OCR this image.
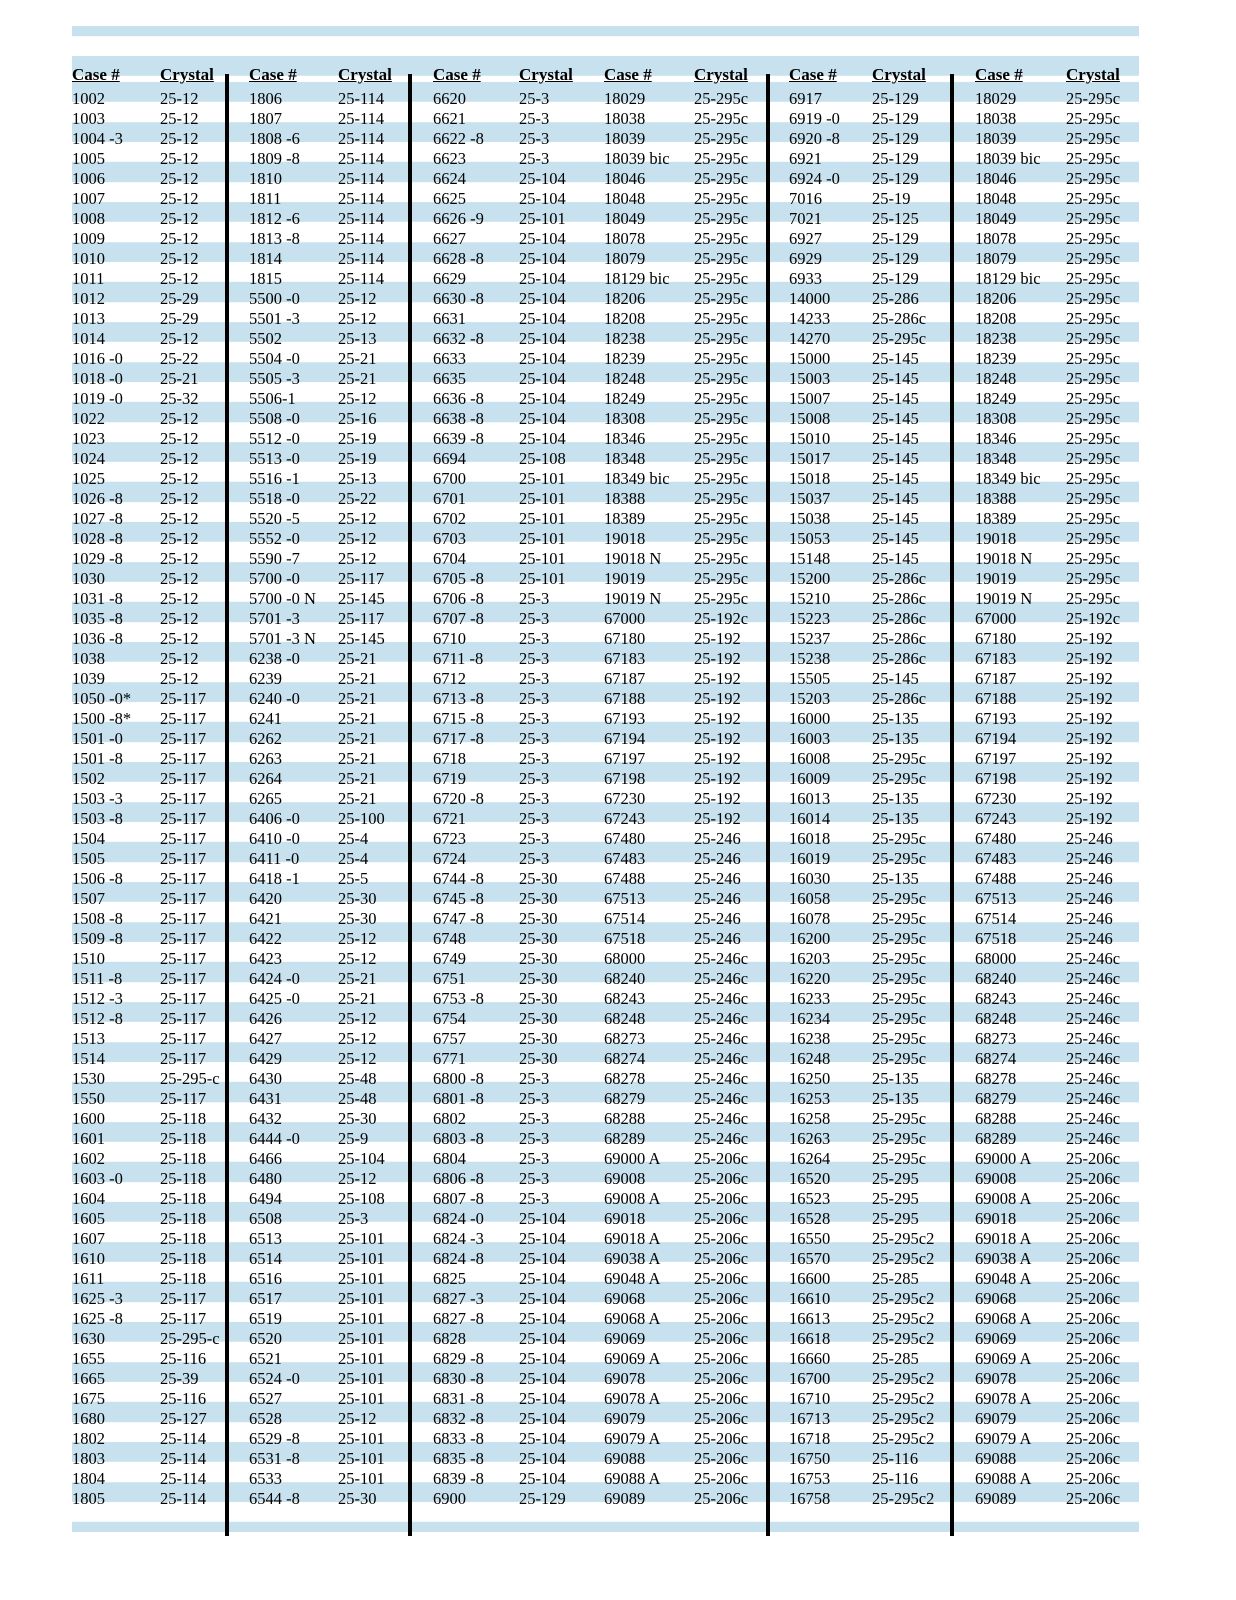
Case # Crystal
1002	25-12
1003	25-12
1004 -3 25-12
1005	25-12
1006	25-12
1007	25-12
1008	25-12
1009	25-12
1010	25-12
1011	25-12
1012	25-29
1013	25-29
1014	25-12
1016 -0 25-22
1018 -0 25-21
1019 -0 25-32
1022	25-12
1023	25-12
1024	25-12
1025	25-12
1026 -8 25-12
1027 -8 25-12
1028 -8 25-12
1029 -8 25-12
1030	25-12
1031 -8 25-12
1035 -8 25-12
1036 -8 25-12
1038	25-12
1039	25-12
1050 -0* 25-117
1500 -8* 25-117
1501 -0 25-117
1501 -8 25-117
1502	25-117
1503 -3 25-117
1503 -8 25-117
1504	25-117
1505	25-117
1506 -8 25-117
1507	25-117
1508 -8 25-117
1509 -8 25-117
1510	25-117
1511 -8 25-117
1512 -3 25-117
1512 -8 25-117
1513	25-117
1514	25-117
1530	25-295-c
1550	25-117
1600	25-118
1601	25-118
1602	25-118
1603 -0 25-118
1604	25-118
1605	25-118
1607	25-118
1610	25-118
1611	25-118
1625 -3 25-117
1625 -8 25-117
1630	25-295-c
1655	25-116
1665	25-39
1675	25-116
1680	25-127
1802	25-114
1803	25-114
1804	25-114
1805	25-114
Case # Crystal
1806	25-114
1807	25-114
1808 -6 25-114
1809 -8 25-114
1810	25-114
1811	25-114
1812 -6 25-114
1813 -8 25-114
1814	25-114
1815	25-114
5500 -0 25-12
5501 -3 25-12
5502	25-13
5504 -0 25-21
5505 -3 25-21
5506-1	25-12
5508 -0 25-16
5512 -0 25-19
5513 -0 25-19
5516 -1 25-13
5518 -0 25-22
5520 -5 25-12
5552 -0 25-12
5590 -7 25-12
5700 -0 25-117
5700 -0 N 25-145
5701 -3 25-117
5701 -3 N 25-145
6238 -0 25-21
6239	25-21
6240 -0 25-21
6241	25-21
6262	25-21
6263	25-21
6264	25-21
6265	25-21
6406 -0 25-100
6410 -0 25-4
6411 -0 25-4
6418 -1 25-5
6420	25-30
6421	25-30
6422	25-12
6423	25-12
6424 -0 25-21
6425 -0 25-21
6426	25-12
6427	25-12
6429	25-12
6430	25-48
6431	25-48
6432	25-30
6444 -0 25-9
6466	25-104
6480	25-12
6494	25-108
6508	25-3
6513	25-101
6514	25-101
6516	25-101
6517	25-101
6519	25-101
6520	25-101
6521	25-101
6524 -0 25-101
6527	25-101
6528	25-12
6529 -8 25-101
6531 -8 25-101
6533	25-101
6544 -8 25-30
Case # Crystal
6620	25-3
6621	25-3
6622 -8 25-3
6623	25-3
6624	25-104
6625	25-104
6626 -9 25-101
6627	25-104
6628 -8 25-104
6629	25-104
6630 -8 25-104
6631	25-104
6632 -8 25-104
6633	25-104
6635	25-104
6636 -8 25-104
6638 -8 25-104
6639 -8 25-104
6694	25-108
6700	25-101
6701	25-101
6702	25-101
6703	25-101
6704	25-101
6705 -8 25-101
6706 -8 25-3
6707 -8 25-3
6710	25-3
6711 -8 25-3
6712	25-3
6713 -8 25-3
6715 -8 25-3
6717 -8 25-3
6718	25-3
6719	25-3
6720 -8 25-3
6721	25-3
6723	25-3
6724	25-3
6744 -8 25-30
6745 -8 25-30
6747 -8 25-30
6748	25-30
6749	25-30
6751	25-30
6753 -8 25-30
6754	25-30
6757	25-30
6771	25-30
6800 -8 25-3
6801 -8 25-3
6802	25-3
6803 -8 25-3
6804	25-3
6806 -8 25-3
6807 -8 25-3
6824 -0 25-104
6824 -3 25-104
6824 -8 25-104
6825	25-104
6827 -3 25-104
6827 -8 25-104
6828	25-104
6829 -8 25-104
6830 -8 25-104
6831 -8 25-104
6832 -8 25-104
6833 -8 25-104
6835 -8 25-104
6839 -8 25-104
6900	25-129
Case # Crystal
18029	25-295c
18038	25-295c
18039	25-295c
18039 bic 25-295c
18046	25-295c
18048	25-295c
18049	25-295c
18078	25-295c
18079	25-295c
18129 bic 25-295c
18206	25-295c
18208	25-295c
18238	25-295c
18239	25-295c
18248	25-295c
18249	25-295c
18308	25-295c
18346	25-295c
18348	25-295c
18349 bic 25-295c
18388	25-295c
18389	25-295c
19018	25-295c
19018 N 25-295c
19019	25-295c
19019 N 25-295c
67000	25-192c
67180	25-192
67183	25-192
67187	25-192
67188	25-192
67193	25-192
67194	25-192
67197	25-192
67198	25-192
67230	25-192
67243	25-192
67480	25-246
67483	25-246
67488	25-246
67513	25-246
67514	25-246
67518	25-246
68000	25-246c
68240	25-246c
68243	25-246c
68248	25-246c
68273	25-246c
68274	25-246c
68278	25-246c
68279	25-246c
68288	25-246c
68289	25-246c
69000 A 25-206c
69008	25-206c
69008 A 25-206c
69018	25-206c
69018 A 25-206c
69038 A 25-206c
69048 A 25-206c
69068	25-206c
69068 A 25-206c
69069	25-206c
69069 A 25-206c
69078	25-206c
69078 A 25-206c
69079	25-206c
69079 A 25-206c
69088	25-206c
69088 A 25-206c
69089	25-206c
Case # Crystal
6917	25-129
6919 -0 25-129
6920 -8 25-129
6921	25-129
6924 -0 25-129
7016	25-19
7021	25-125
6927	25-129
6929	25-129
6933	25-129
14000	25-286
14233	25-286c
14270	25-295c
15000	25-145
15003	25-145
15007	25-145
15008	25-145
15010	25-145
15017	25-145
15018	25-145
15037	25-145
15038	25-145
15053	25-145
15148	25-145
15200	25-286c
15210	25-286c
15223	25-286c
15237	25-286c
15238	25-286c
15505	25-145
15203	25-286c
16000	25-135
16003	25-135
16008	25-295c
16009	25-295c
16013	25-135
16014	25-135
16018	25-295c
16019	25-295c
16030	25-135
16058	25-295c
16078	25-295c
16200	25-295c
16203	25-295c
16220	25-295c
16233	25-295c
16234	25-295c
16238	25-295c
16248	25-295c
16250	25-135
16253	25-135
16258	25-295c
16263	25-295c
16264	25-295c
16520	25-295
16523	25-295
16528	25-295
16550	25-295c2
16570	25-295c2
16600	25-285
16610	25-295c2
16613	25-295c2
16618	25-295c2
16660	25-285
16700	25-295c2
16710	25-295c2
16713	25-295c2
16718	25-295c2
16750	25-116
16753	25-116
16758	25-295c2
Case #	Crystal
18029	25-295c
18038	25-295c
18039	25-295c
18039 bic 25-295c
18046	25-295c
18048	25-295c
18049	25-295c
18078	25-295c
18079	25-295c
18129 bic 25-295c
18206	25-295c
18208	25-295c
18238	25-295c
18239	25-295c
18248	25-295c
18249	25-295c
18308	25-295c
18346	25-295c
18348	25-295c
18349 bic 25-295c
18388	25-295c
18389	25-295c
19018	25-295c
19018 N 25-295c
19019	25-295c
19019 N 25-295c
67000	25-192c
67180	25-192
67183	25-192
67187	25-192
67188	25-192
67193	25-192
67194	25-192
67197	25-192
67198	25-192
67230	25-192
67243	25-192
67480	25-246
67483	25-246
67488	25-246
67513	25-246
67514	25-246
67518	25-246
68000	25-246c
68240	25-246c
68243	25-246c
68248	25-246c
68273	25-246c
68274	25-246c
68278	25-246c
68279	25-246c
68288	25-246c
68289	25-246c
69000 A 25-206c
69008	25-206c
69008 A 25-206c
69018	25-206c
69018 A 25-206c
69038 A 25-206c
69048 A 25-206c
69068	25-206c
69068 A 25-206c
69069	25-206c
69069 A 25-206c
69078	25-206c
69078 A 25-206c
69079	25-206c
69079 A 25-206c
69088	25-206c
69088 A 25-206c
69089	25-206c
